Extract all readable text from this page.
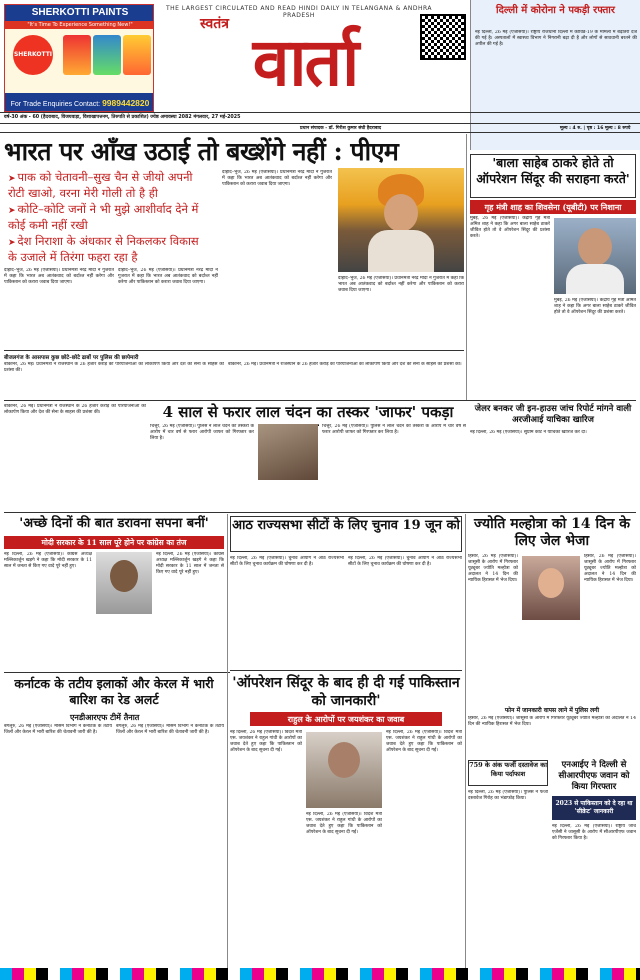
SHERKOTTI PAINTS
"It's Time To Experience Something New!"
SHERKOTTI
For Trade Enquiries Contact: 9989442820
THE LARGEST CIRCULATED AND READ HINDI DAILY IN TELANGANA & ANDHRA PRADESH
स्वतंत्र वार्ता
दिल्ली में कोरोना ने पकड़ी रफ्तार
नई दिल्ली, 26 मई (एजेंसियां)। राष्ट्रीय राजधानी दिल्ली में कोविड-19 के मामलों में बढ़ोतरी दर्ज की गई है। अस्पतालों में स्वास्थ्य विभाग ने निगरानी बढ़ा दी है और लोगों से सावधानी बरतने की अपील की गई है।
वर्ष-30 अंक - 60 (हैदराबाद, विजयवाड़ा, विशाखापत्तनम, तिरुपति से प्रकाशित) ज्येष्ठ अमावस्या 2082 मंगलवार, 27 मई-2025
प्रधान संपादक - डॉ. गिरीश कुमार संघी हैदराबाद	मूल्य : 4 रु. | पृष्ठ : 16 मूल्य : 8 रुपये
भारत पर आँख उठाई तो बख्शेंगे नहीं : पीएम
➤ पाक को चेतावनी–सुख चैन से जीयो अपनी रोटी खाओ, वरना मेरी गोली तो है ही
➤ कोटि–कोटि जनों ने भी मुझे आशीर्वाद देने में कोई कमी नहीं रखी
➤ देश निराशा के अंधकार से निकलकर विकास के उजाले में तिरंगा फहरा रहा है
दाहोद–भुज, 26 मई (एजेंसियां)। प्रधानमंत्री नरेंद्र मोदी ने गुजरात में कहा कि भारत अब आतंकवाद को बर्दाश्त नहीं करेगा और पाकिस्तान को करारा जवाब दिया जाएगा।
दाहोद–भुज, 26 मई (एजेंसियां)। प्रधानमंत्री नरेंद्र मोदी ने गुजरात में कहा कि भारत अब आतंकवाद को बर्दाश्त नहीं करेगा और पाकिस्तान को करारा जवाब दिया जाएगा।
दाहोद–भुज, 26 मई (एजेंसियां)। प्रधानमंत्री नरेंद्र मोदी ने गुजरात में कहा कि भारत अब आतंकवाद को बर्दाश्त नहीं करेगा और पाकिस्तान को करारा जवाब दिया जाएगा।
दाहोद–भुज, 26 मई (एजेंसियां)। प्रधानमंत्री नरेंद्र मोदी ने गुजरात में कहा कि भारत अब आतंकवाद को बर्दाश्त नहीं करेगा और पाकिस्तान को करारा जवाब दिया जाएगा।
बीजलगंज के आसपास कुछ छोटे–छोटे ढाबों पर पुलिस की छापेमारी
बीकानेर, 26 मई। प्रधानमंत्री ने राजस्थान के 26 हजार करोड़ की परियोजनाओं का लोकार्पण किया और देश की सेना के साहस की प्रशंसा की।
बीकानेर, 26 मई। प्रधानमंत्री ने राजस्थान के 26 हजार करोड़ की परियोजनाओं का लोकार्पण किया और देश की सेना के साहस की प्रशंसा की।
'बाला साहेब ठाकरे होते तो ऑपरेशन सिंदूर की सराहना करते'
गृह मंत्री शाह का शिवसेना (यूबीटी) पर निशाना
मुंबई, 26 मई (एजेंसियां)। केंद्रीय गृह मंत्री अमित शाह ने कहा कि अगर बाला साहेब ठाकरे जीवित होते तो वे ऑपरेशन सिंदूर की प्रशंसा करते।
मुंबई, 26 मई (एजेंसियां)। केंद्रीय गृह मंत्री अमित शाह ने कहा कि अगर बाला साहेब ठाकरे जीवित होते तो वे ऑपरेशन सिंदूर की प्रशंसा करते।
4 साल से फरार लाल चंदन का तस्कर 'जाफर' पकड़ा
चित्तूर, 26 मई (एजेंसियां)। पुलिस ने लाल चंदन की तस्करी के आरोप में चार वर्ष से फरार आरोपी जाफर को गिरफ्तार कर लिया है।
चित्तूर, 26 मई (एजेंसियां)। पुलिस ने लाल चंदन की तस्करी के आरोप में चार वर्ष से फरार आरोपी जाफर को गिरफ्तार कर लिया है।
बीकानेर, 26 मई। प्रधानमंत्री ने राजस्थान के 26 हजार करोड़ की परियोजनाओं का लोकार्पण किया और देश की सेना के साहस की प्रशंसा की।	जेलर बनकर जी इन-हाउस जांच रिपोर्ट मांगने वाली अरजीआई याचिका खारिज
नई दिल्ली, 26 मई (एजेंसियां)। सुप्रीम कोर्ट ने याचिका खारिज कर दी।
'अच्छे दिनों की बात डरावना सपना बनीं'
मोदी सरकार के 11 साल पूरे होने पर कांग्रेस का तंज
नई दिल्ली, 26 मई (एजेंसियां)। कांग्रेस अध्यक्ष मल्लिकार्जुन खड़गे ने कहा कि मोदी सरकार के 11 साल में जनता से किए गए वादे पूरे नहीं हुए।
नई दिल्ली, 26 मई (एजेंसियां)। कांग्रेस अध्यक्ष मल्लिकार्जुन खड़गे ने कहा कि मोदी सरकार के 11 साल में जनता से किए गए वादे पूरे नहीं हुए।
आठ राज्यसभा सीटों के लिए चुनाव 19 जून को
नई दिल्ली, 26 मई (एजेंसियां)। चुनाव आयोग ने आठ राज्यसभा सीटों के लिए चुनाव कार्यक्रम की घोषणा कर दी है।
नई दिल्ली, 26 मई (एजेंसियां)। चुनाव आयोग ने आठ राज्यसभा सीटों के लिए चुनाव कार्यक्रम की घोषणा कर दी है।
ज्योति मल्होत्रा को 14 दिन के लिए जेल भेजा
हिसार, 26 मई (एजेंसियां)। जासूसी के आरोप में गिरफ्तार यूट्यूबर ज्योति मल्होत्रा को अदालत ने 14 दिन की न्यायिक हिरासत में भेज दिया।
हिसार, 26 मई (एजेंसियां)। जासूसी के आरोप में गिरफ्तार यूट्यूबर ज्योति मल्होत्रा को अदालत ने 14 दिन की न्यायिक हिरासत में भेज दिया।
फोन में जानकारी वापस लाने में पुलिस लगी
हिसार, 26 मई (एजेंसियां)। जासूसी के आरोप में गिरफ्तार यूट्यूबर ज्योति मल्होत्रा को अदालत ने 14 दिन की न्यायिक हिरासत में भेज दिया।
कर्नाटक के तटीय इलाकों और केरल में भारी बारिश का रेड अलर्ट
एनडीआरएफ टीमें तैनात
बेंगलूरु, 26 मई (एजेंसियां)। मौसम विभाग ने कर्नाटक के तटीय जिलों और केरल में भारी बारिश की चेतावनी जारी की है।
बेंगलूरु, 26 मई (एजेंसियां)। मौसम विभाग ने कर्नाटक के तटीय जिलों और केरल में भारी बारिश की चेतावनी जारी की है।
'ऑपरेशन सिंदूर के बाद ही दी गई पाकिस्तान को जानकारी'
राहुल के आरोपों पर जयशंकर का जवाब
नई दिल्ली, 26 मई (एजेंसियां)। विदेश मंत्री एस. जयशंकर ने राहुल गांधी के आरोपों का जवाब देते हुए कहा कि पाकिस्तान को ऑपरेशन के बाद सूचना दी गई।
नई दिल्ली, 26 मई (एजेंसियां)। विदेश मंत्री एस. जयशंकर ने राहुल गांधी के आरोपों का जवाब देते हुए कहा कि पाकिस्तान को ऑपरेशन के बाद सूचना दी गई।
नई दिल्ली, 26 मई (एजेंसियां)। विदेश मंत्री एस. जयशंकर ने राहुल गांधी के आरोपों का जवाब देते हुए कहा कि पाकिस्तान को ऑपरेशन के बाद सूचना दी गई।
759 के अंक फर्जी दस्तावेज का किया पर्दाफाश
नई दिल्ली, 26 मई (एजेंसियां)। पुलिस ने फर्जी दस्तावेज गिरोह का भंडाफोड़ किया।
एनआईए ने दिल्ली से सीआरपीएफ जवान को किया गिरफ्तार
2023 से पाकिस्तान को दे रहा था 'सीक्रेट' जानकारी
नई दिल्ली, 26 मई (एजेंसियां)। राष्ट्रीय जांच एजेंसी ने जासूसी के आरोप में सीआरपीएफ जवान को गिरफ्तार किया है।
